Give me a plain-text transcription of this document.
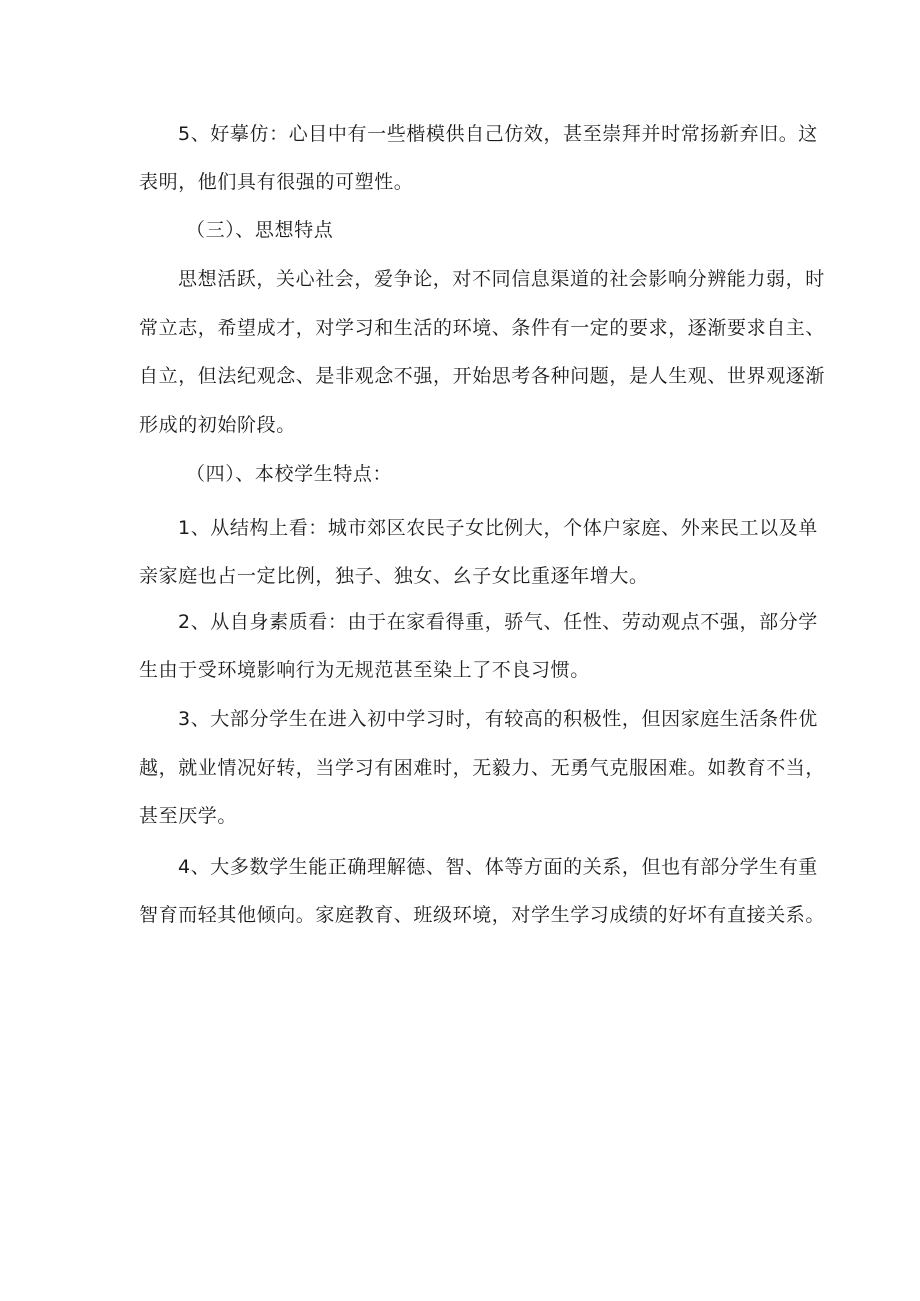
5、好摹仿：心目中有一些楷模供自己仿效，甚至崇拜并时常扬新弃旧。这
表明，他们具有很强的可塑性。
（三）、思想特点
思想活跃，关心社会，爱争论，对不同信息渠道的社会影响分辨能力弱，时
常立志，希望成才，对学习和生活的环境、条件有一定的要求，逐渐要求自主、
自立，但法纪观念、是非观念不强，开始思考各种问题，是人生观、世界观逐渐
形成的初始阶段。
（四）、本校学生特点：
1、从结构上看：城市郊区农民子女比例大，个体户家庭、外来民工以及单
亲家庭也占一定比例，独子、独女、幺子女比重逐年增大。
2、从自身素质看：由于在家看得重，骄气、任性、劳动观点不强，部分学
生由于受环境影响行为无规范甚至染上了不良习惯。
3、大部分学生在进入初中学习时，有较高的积极性，但因家庭生活条件优
越，就业情况好转，当学习有困难时，无毅力、无勇气克服困难。如教育不当，
甚至厌学。
4、大多数学生能正确理解德、智、体等方面的关系，但也有部分学生有重
智育而轻其他倾向。家庭教育、班级环境，对学生学习成绩的好坏有直接关系。
